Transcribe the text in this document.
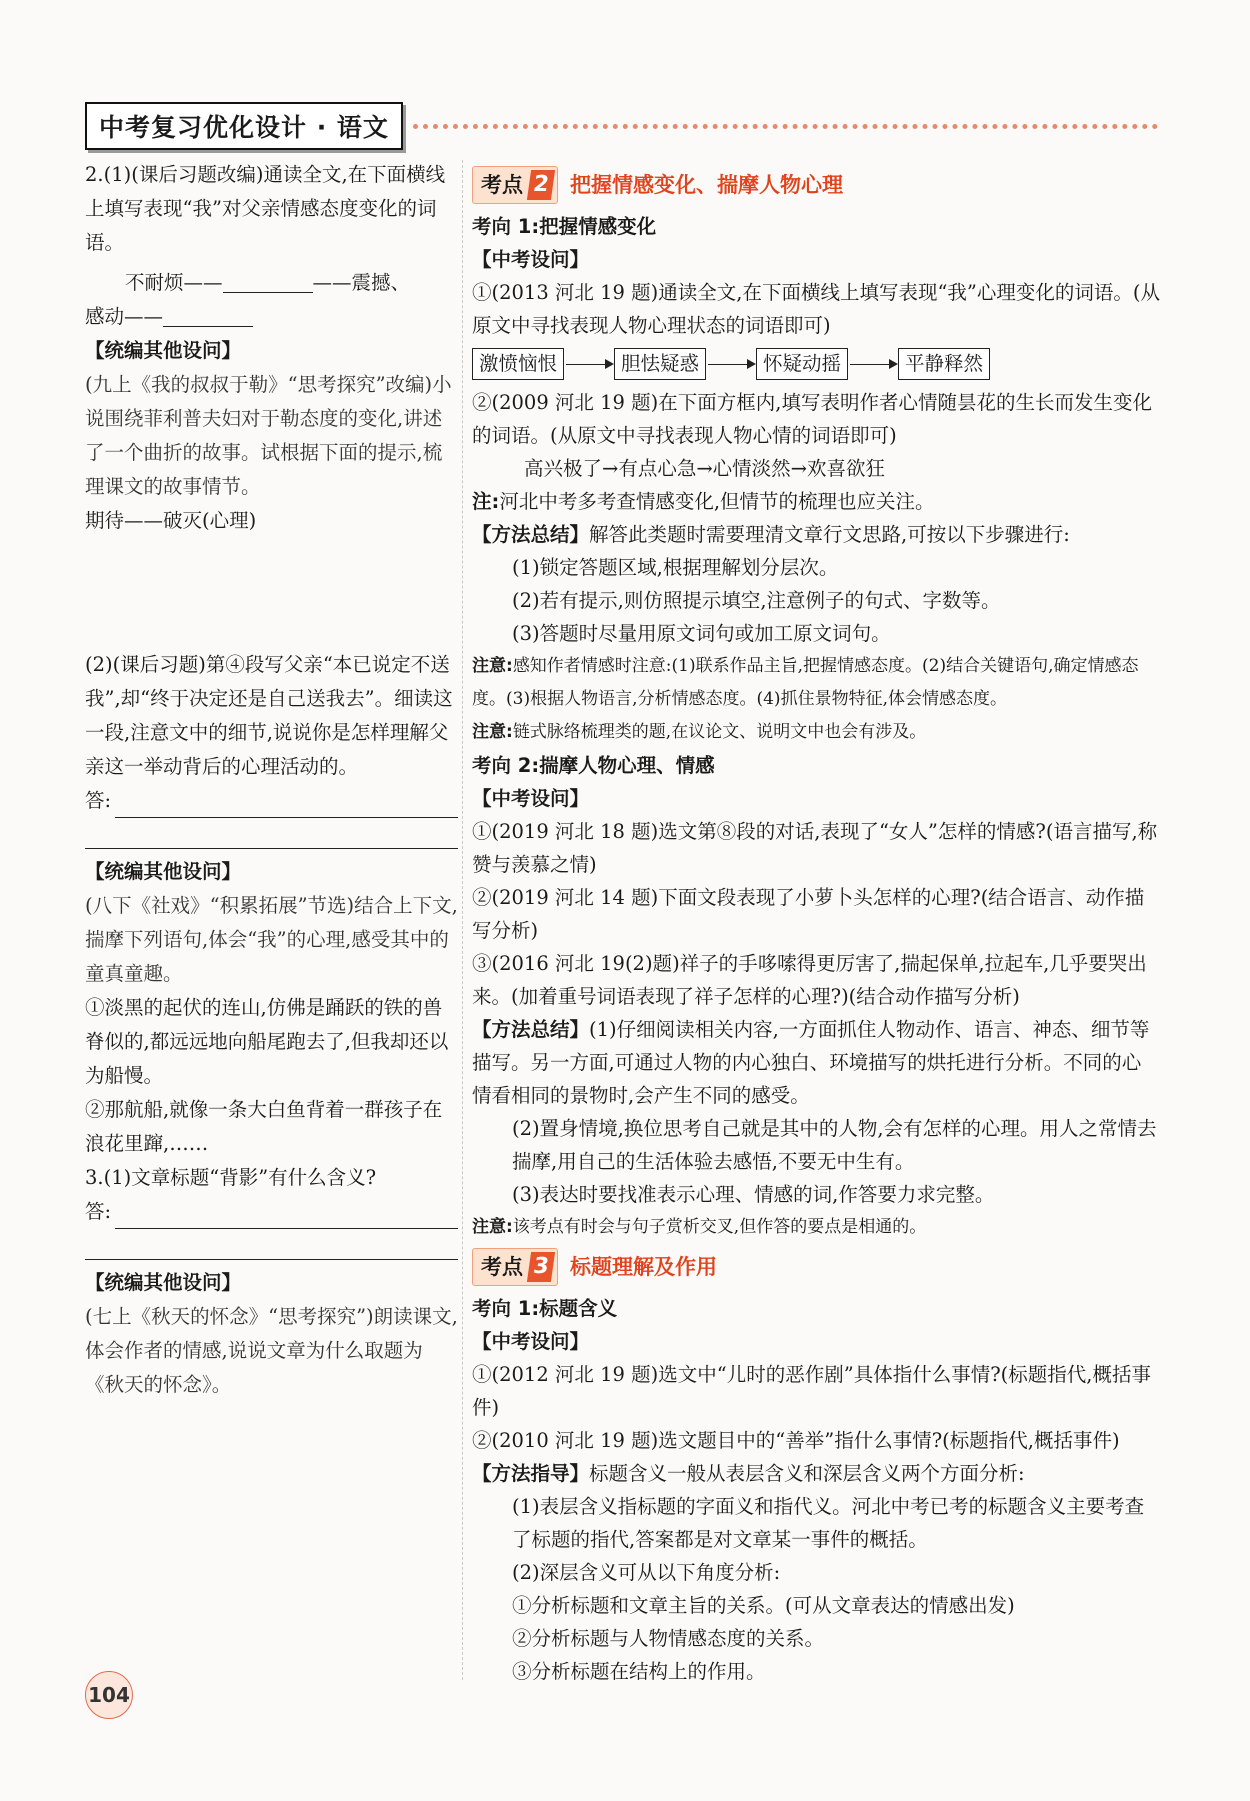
中考复习优化设计 · 语文

2.(1)(课后习题改编)通读全文,在下面横线上填写表现“我”对父亲情感态度变化的词语。

不耐烦——	——震撼、

感动——

【统编其他设问】

(九上《我的叔叔于勒》“思考探究”改编)小说围绕菲利普夫妇对于勒态度的变化,讲述了一个曲折的故事。试根据下面的提示,梳理课文的故事情节。

期待——破灭(心理)

(2)(课后习题)第④段写父亲“本已说定不送我”,却“终于决定还是自己送我去”。细读这一段,注意文中的细节,说说你是怎样理解父亲这一举动背后的心理活动的。

答:

【统编其他设问】

(八下《社戏》“积累拓展”节选)结合上下文,揣摩下列语句,体会“我”的心理,感受其中的童真童趣。

①淡黑的起伏的连山,仿佛是踊跃的铁的兽脊似的,都远远地向船尾跑去了,但我却还以为船慢。

②那航船,就像一条大白鱼背着一群孩子在浪花里蹿,……

3.(1)文章标题“背影”有什么含义?

答:

【统编其他设问】

(七上《秋天的怀念》“思考探究”)朗读课文,体会作者的情感,说说文章为什么取题为《秋天的怀念》。

考点 2 把握情感变化、揣摩人物心理

考向 1:把握情感变化

【中考设问】

①(2013 河北 19 题)通读全文,在下面横线上填写表现“我”心理变化的词语。(从原文中寻找表现人物心理状态的词语即可)

激愤恼恨	胆怯疑惑	怀疑动摇	平静释然

②(2009 河北 19 题)在下面方框内,填写表明作者心情随昙花的生长而发生变化的词语。(从原文中寻找表现人物心情的词语即可)

高兴极了→有点心急→心情淡然→欢喜欲狂

注:河北中考多考查情感变化,但情节的梳理也应关注。

【方法总结】解答此类题时需要理清文章行文思路,可按以下步骤进行:

(1)锁定答题区域,根据理解划分层次。

(2)若有提示,则仿照提示填空,注意例子的句式、字数等。

(3)答题时尽量用原文词句或加工原文词句。

注意:感知作者情感时注意:(1)联系作品主旨,把握情感态度。(2)结合关键语句,确定情感态度。(3)根据人物语言,分析情感态度。(4)抓住景物特征,体会情感态度。

注意:链式脉络梳理类的题,在议论文、说明文中也会有涉及。

考向 2:揣摩人物心理、情感

【中考设问】

①(2019 河北 18 题)选文第⑧段的对话,表现了“女人”怎样的情感?(语言描写,称赞与羡慕之情)

②(2019 河北 14 题)下面文段表现了小萝卜头怎样的心理?(结合语言、动作描写分析)

③(2016 河北 19(2)题)祥子的手哆嗦得更厉害了,揣起保单,拉起车,几乎要哭出来。(加着重号词语表现了祥子怎样的心理?)(结合动作描写分析)

【方法总结】(1)仔细阅读相关内容,一方面抓住人物动作、语言、神态、细节等描写。另一方面,可通过人物的内心独白、环境描写的烘托进行分析。不同的心情看相同的景物时,会产生不同的感受。

(2)置身情境,换位思考自己就是其中的人物,会有怎样的心理。用人之常情去揣摩,用自己的生活体验去感悟,不要无中生有。

(3)表达时要找准表示心理、情感的词,作答要力求完整。

注意:该考点有时会与句子赏析交叉,但作答的要点是相通的。

考点 3 标题理解及作用

考向 1:标题含义

【中考设问】

①(2012 河北 19 题)选文中“儿时的恶作剧”具体指什么事情?(标题指代,概括事件)

②(2010 河北 19 题)选文题目中的“善举”指什么事情?(标题指代,概括事件)

【方法指导】标题含义一般从表层含义和深层含义两个方面分析:

(1)表层含义指标题的字面义和指代义。河北中考已考的标题含义主要考查了标题的指代,答案都是对文章某一事件的概括。

(2)深层含义可从以下角度分析:

①分析标题和文章主旨的关系。(可从文章表达的情感出发)

②分析标题与人物情感态度的关系。

③分析标题在结构上的作用。

104
